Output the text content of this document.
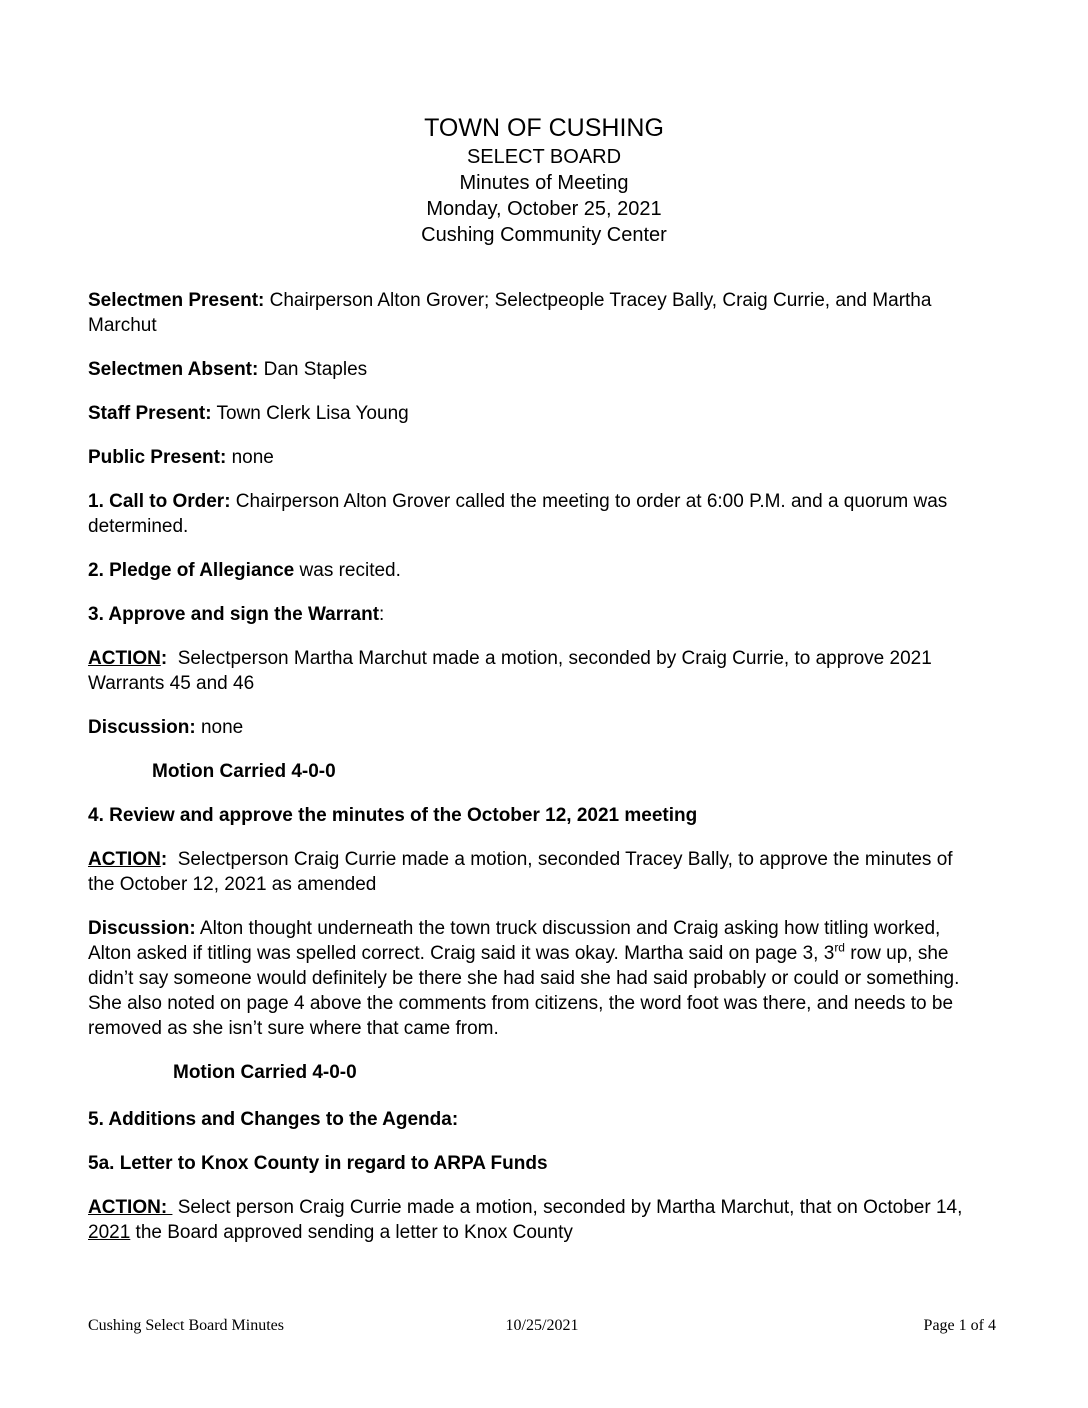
TOWN OF CUSHING
SELECT BOARD
Minutes of Meeting
Monday, October 25, 2021
Cushing Community Center
Selectmen Present: Chairperson Alton Grover; Selectpeople Tracey Bally, Craig Currie, and Martha
Marchut
Selectmen Absent: Dan Staples
Staff Present: Town Clerk Lisa Young
Public Present: none
1. Call to Order: Chairperson Alton Grover called the meeting to order at 6:00 P.M. and a quorum was
determined.
2. Pledge of Allegiance was recited.
3. Approve and sign the Warrant:
ACTION:  Selectperson Martha Marchut made a motion, seconded by Craig Currie, to approve 2021
Warrants 45 and 46
Discussion: none
Motion Carried 4-0-0
4. Review and approve the minutes of the October 12, 2021 meeting
ACTION:  Selectperson Craig Currie made a motion, seconded Tracey Bally, to approve the minutes of
the October 12, 2021 as amended
Discussion: Alton thought underneath the town truck discussion and Craig asking how titling worked,
Alton asked if titling was spelled correct. Craig said it was okay. Martha said on page 3, 3rd row up, she
didn’t say someone would definitely be there she had said she had said probably or could or something.
She also noted on page 4 above the comments from citizens, the word foot was there, and needs to be
removed as she isn’t sure where that came from.
Motion Carried 4-0-0
5. Additions and Changes to the Agenda:
5a. Letter to Knox County in regard to ARPA Funds
ACTION:  Select person Craig Currie made a motion, seconded by Martha Marchut, that on October 14,
2021 the Board approved sending a letter to Knox County
Cushing Select Board Minutes	10/25/2021	Page 1 of 4
